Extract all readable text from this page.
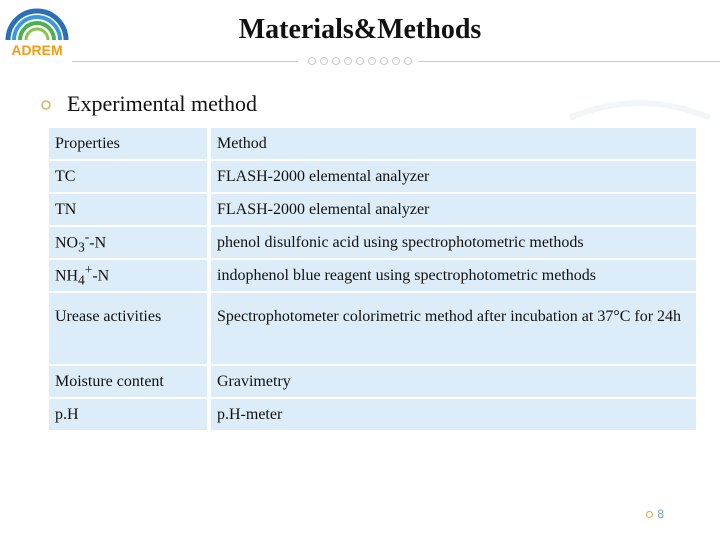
ADREM
Materials&Methods
Experimental method
Properties	Method
TC	FLASH-2000 elemental analyzer
TN	FLASH-2000 elemental analyzer
$NO_3^--N$	phenol disulfonic acid using spectrophotometric methods
$NH_4^+-N$	indophenol blue reagent using spectrophotometric methods
Urease activities	Spectrophotometer colorimetric method after incubation at 37°C for 24h
Moisture content	Gravimetry
p.H	p.H-meter
8
